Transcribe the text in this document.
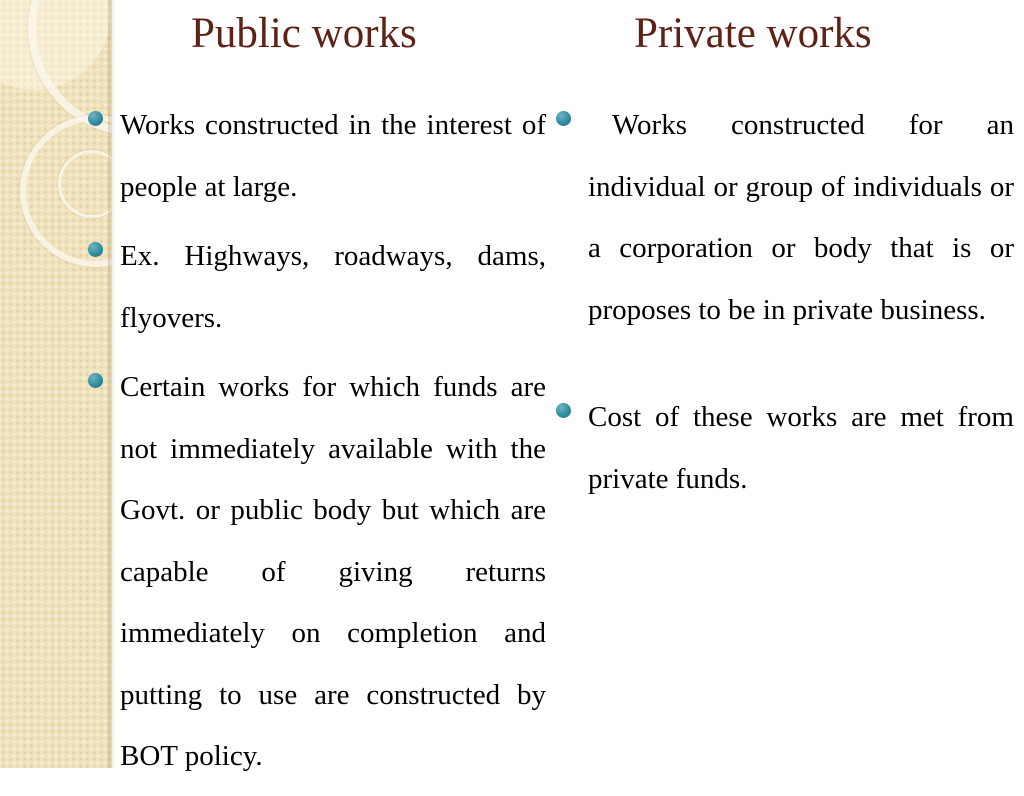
Public works	Private works
Works constructed in the interest of people at large.
Ex. Highways, roadways, dams, flyovers.
Certain works for which funds are not immediately available with the Govt. or public body but which are capable of giving returns immediately on completion and putting to use are constructed by BOT policy.
Works constructed for an individual or group of individuals or a corporation or body that is or proposes to be in private business.
Cost of these works are met from private funds.
